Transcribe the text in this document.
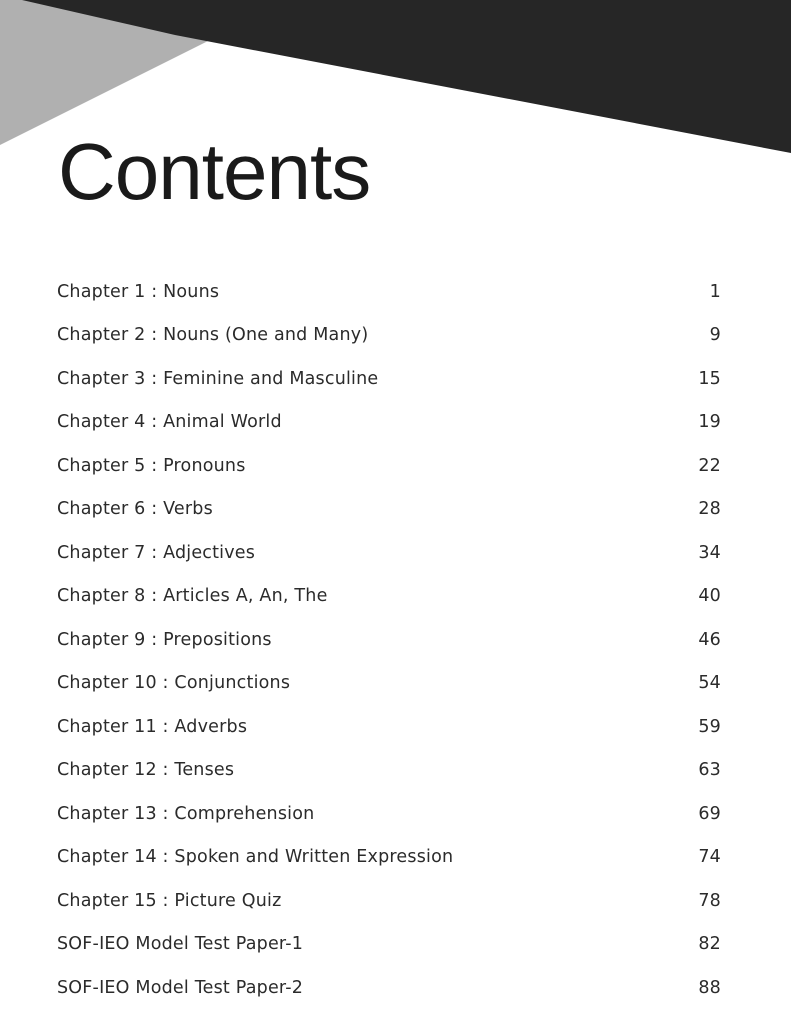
Contents
Chapter 1 : Nouns	1
Chapter 2 : Nouns (One and Many)	9
Chapter 3 : Feminine and Masculine	15
Chapter 4 : Animal World	19
Chapter 5 : Pronouns	22
Chapter 6 : Verbs	28
Chapter 7 : Adjectives	34
Chapter 8 : Articles A, An, The	40
Chapter 9 : Prepositions	46
Chapter 10 : Conjunctions	54
Chapter 11 : Adverbs	59
Chapter 12 : Tenses	63
Chapter 13 : Comprehension	69
Chapter 14 : Spoken and Written Expression	74
Chapter 15 : Picture Quiz	78
SOF-IEO Model Test Paper-1	82
SOF-IEO Model Test Paper-2	88
